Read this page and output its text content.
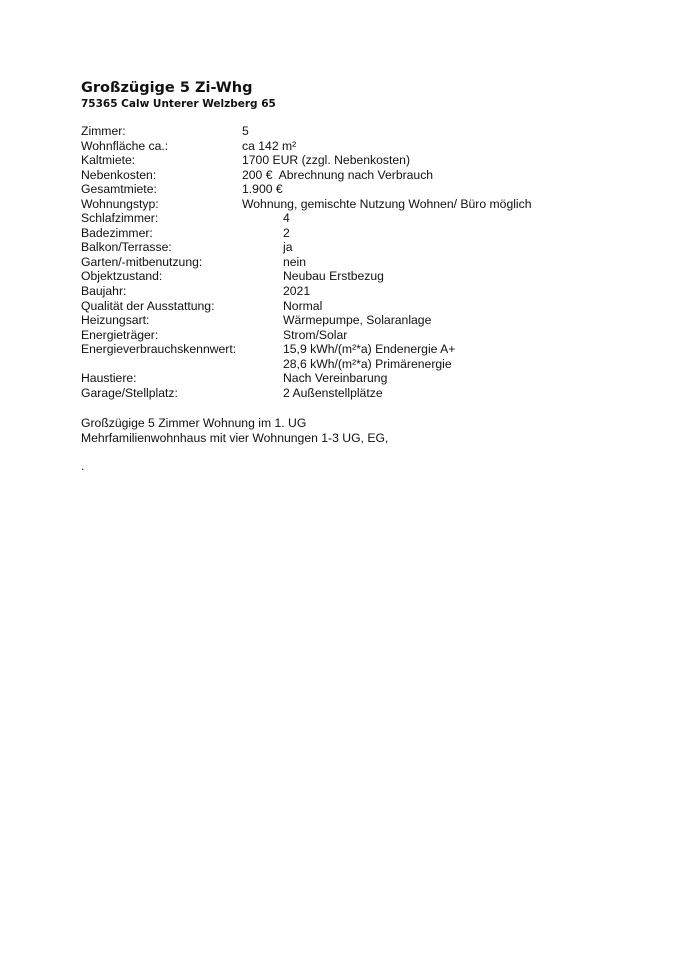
Großzügige 5 Zi-Whg
75365 Calw Unterer Welzberg 65
Zimmer:	5
Wohnfläche ca.:	ca 142 m²
Kaltmiete:	1700 EUR (zzgl. Nebenkosten)
Nebenkosten:	200 €  Abrechnung nach Verbrauch
Gesamtmiete:	1.900 €
Wohnungstyp:	Wohnung, gemischte Nutzung Wohnen/ Büro möglich
Schlafzimmer:	4
Badezimmer:	2
Balkon/Terrasse:	ja
Garten/-mitbenutzung:	nein
Objektzustand:	Neubau Erstbezug
Baujahr:	2021
Qualität der Ausstattung:	Normal
Heizungsart:	Wärmepumpe, Solaranlage
Energieträger:	Strom/Solar
Energieverbrauchskennwert:	15,9 kWh/(m²*a) Endenergie A+
28,6 kWh/(m²*a) Primärenergie
Haustiere:	Nach Vereinbarung
Garage/Stellplatz:	2 Außenstellplätze
Großzügige 5 Zimmer Wohnung im 1. UG
Mehrfamilienwohnhaus mit vier Wohnungen 1-3 UG, EG,
.
